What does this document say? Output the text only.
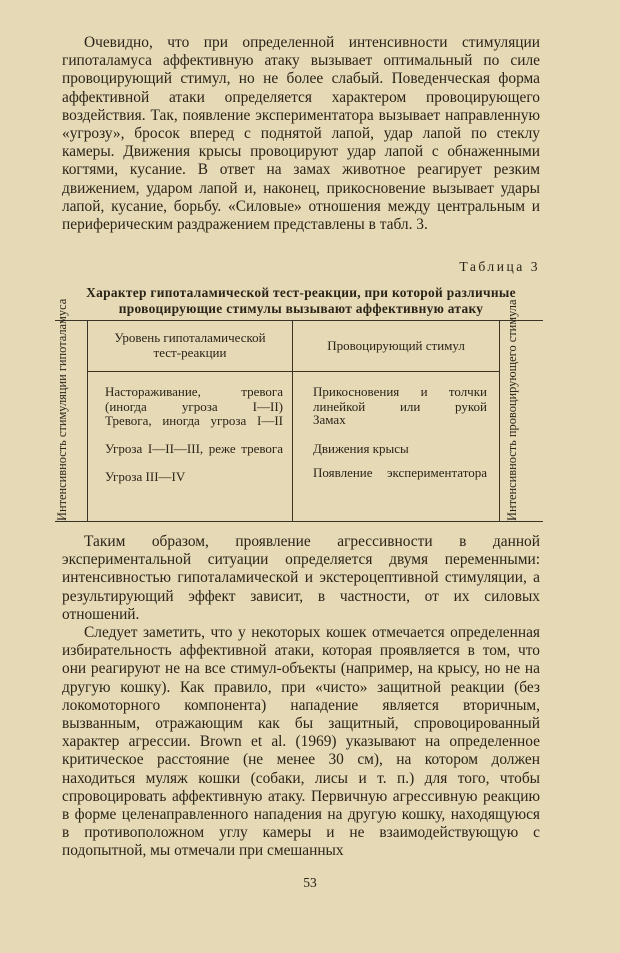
Очевидно, что при определенной интенсивности стимуляции гипоталамуса аффективную атаку вызывает оптимальный по силе провоцирующий стимул, но не более слабый. Поведенческая форма аффективной атаки определяется характером провоцирующего воздействия. Так, появление экспериментатора вызывает направленную «угрозу», бросок вперед с поднятой лапой, удар лапой по стеклу камеры. Движения крысы провоцируют удар лапой с обнаженными когтями, кусание. В ответ на замах животное реагирует резким движением, ударом лапой и, наконец, прикосновение вызывает удары лапой, кусание, борьбу. «Силовые» отношения между центральным и периферическим раздражением представлены в табл. 3.

Таблица 3
Характер гипоталамической тест-реакции, при которой различные провоцирующие стимулы вызывают аффективную атаку
Интенсивность стимуляции гипоталамуса	Интенсивность провоцирующего стимула
Уровень гипоталамической тест-реакции	Провоцирующий стимул
Настораживание, тревога (иногда угроза I—II)
Тревога, иногда угроза I—II
Угроза I—II—III, реже тревога
Угроза III—IV
Прикосновения и толчки линейкой или рукой
Замах
Движения крысы
Появление экспериментатора

Таким образом, проявление агрессивности в данной экспериментальной ситуации определяется двумя переменными: интенсивностью гипоталамической и экстероцептивной стимуляции, а результирующий эффект зависит, в частности, от их силовых отношений.

Следует заметить, что у некоторых кошек отмечается определенная избирательность аффективной атаки, которая проявляется в том, что они реагируют не на все стимул-объекты (например, на крысу, но не на другую кошку). Как правило, при «чисто» защитной реакции (без локомоторного компонента) нападение является вторичным, вызванным, отражающим как бы защитный, спровоцированный характер агрессии. Brown et al. (1969) указывают на определенное критическое расстояние (не менее 30 см), на котором должен находиться муляж кошки (собаки, лисы и т. п.) для того, чтобы спровоцировать аффективную атаку. Первичную агрессивную реакцию в форме целенаправленного нападения на другую кошку, находящуюся в противоположном углу камеры и не взаимодействующую с подопытной, мы отмечали при смешанных

53
